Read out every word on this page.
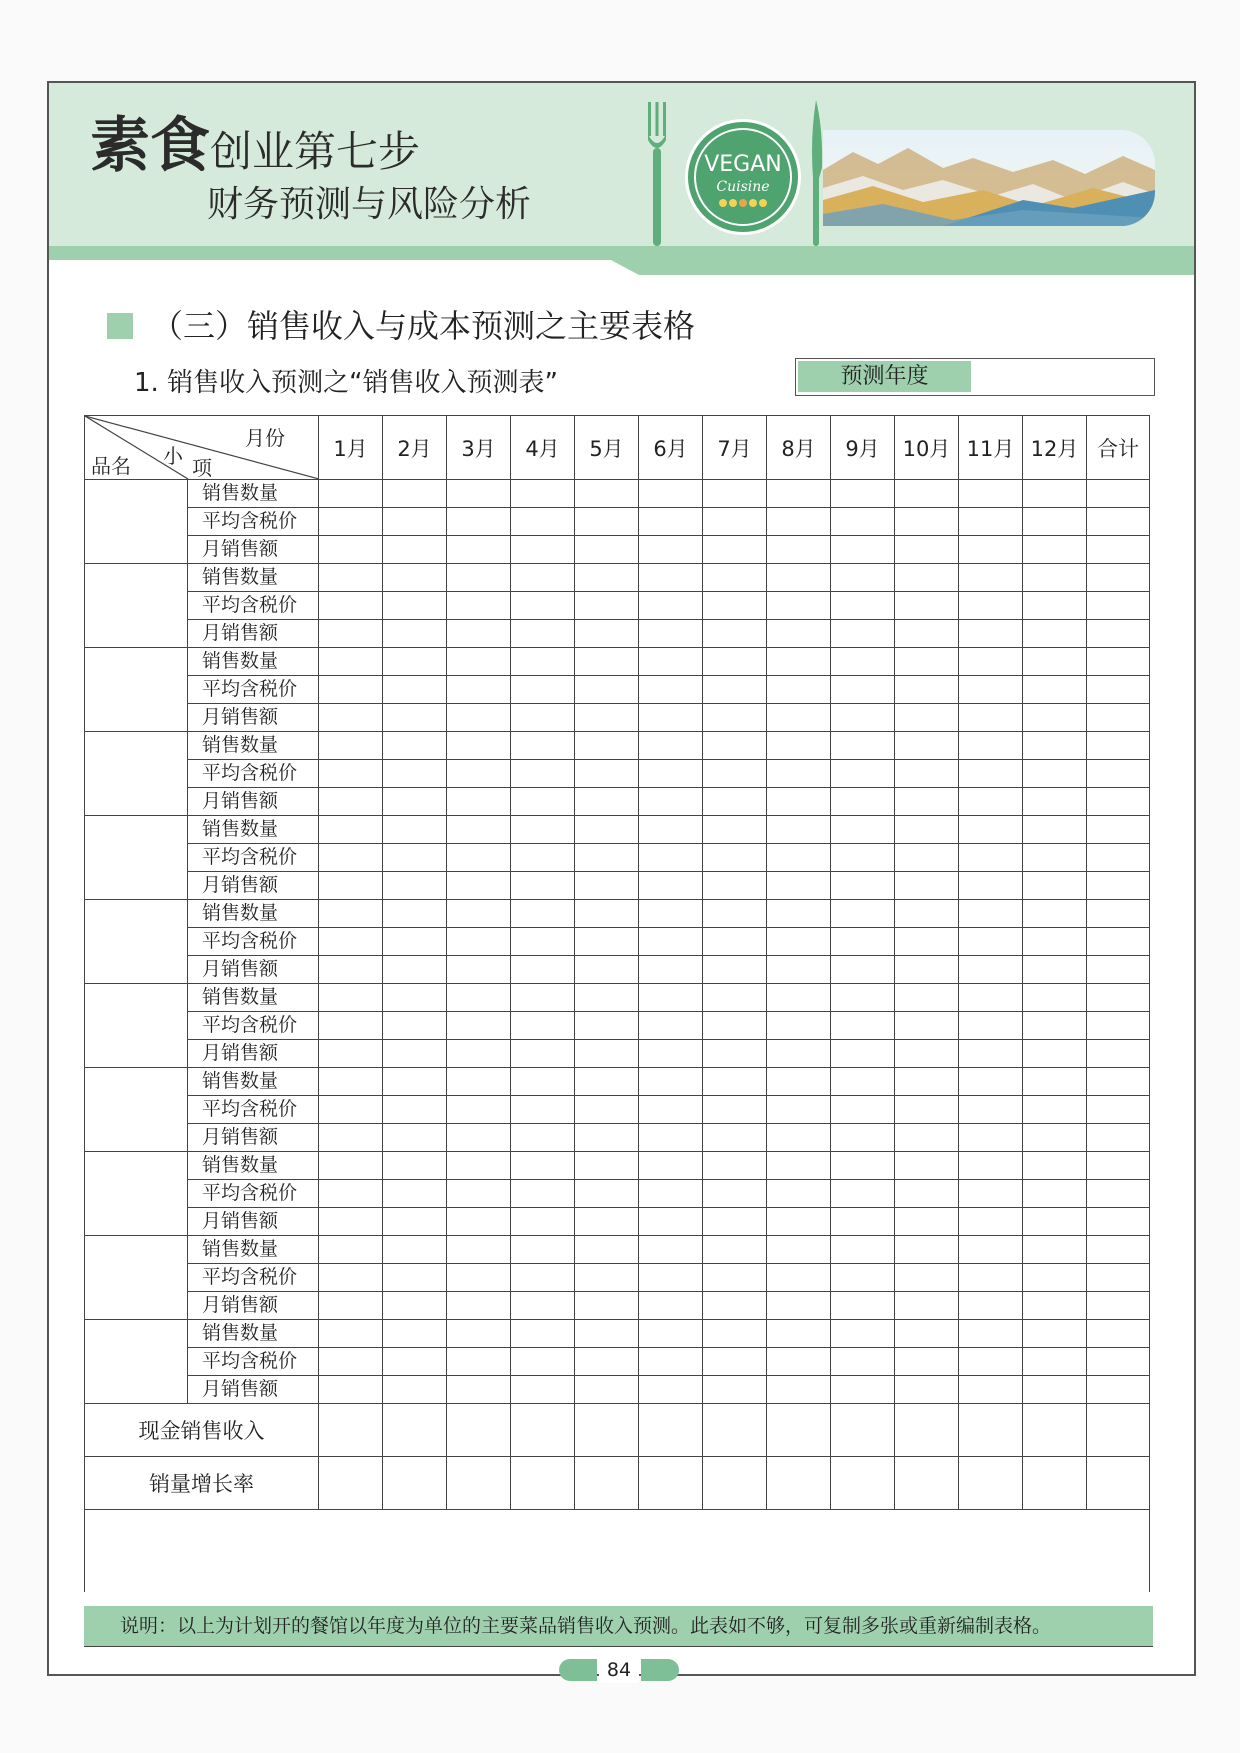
素食创业第七步
财务预测与风险分析
VEGAN
Cuisine
（三）销售收入与成本预测之主要表格
1. 销售收入预测之“销售收入预测表”	预测年度
月份
小 项
品名		1月	2月	3月	4月	5月	6月	7月	8月	9月	10月	11月	12月	合计
	销售数量													
	平均含税价													
	月销售额													
	销售数量													
	平均含税价													
	月销售额													
	销售数量													
	平均含税价													
	月销售额													
	销售数量													
	平均含税价													
	月销售额													
	销售数量													
	平均含税价													
	月销售额													
	销售数量													
	平均含税价													
	月销售额													
	销售数量													
	平均含税价													
	月销售额													
	销售数量													
	平均含税价													
	月销售额													
	销售数量													
	平均含税价													
	月销售额													
	销售数量													
	平均含税价													
	月销售额													
	销售数量													
	平均含税价													
	月销售额													
现金销售收入														
销量增长率														

说明：以上为计划开的餐馆以年度为单位的主要菜品销售收入预测。此表如不够，可复制多张或重新编制表格。
84
